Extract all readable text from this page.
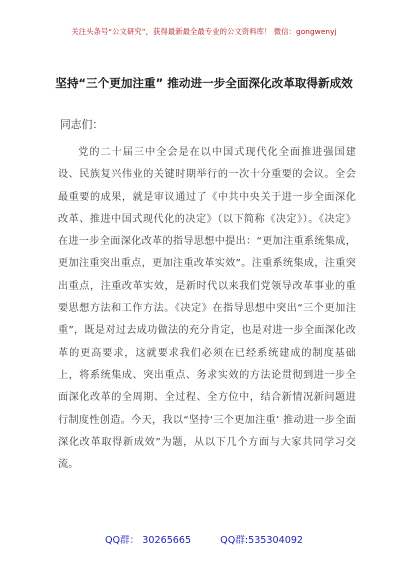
关注头条号“公文研究”，获得最新最全最专业的公文资料库！ 微信：gongwenyj
坚持“三个更加注重” 推动进一步全面深化改革取得新成效
同志们：

党的二十届三中全会是在以中国式现代化全面推进强国建设、民族复兴伟业的关键时期举行的一次十分重要的会议。全会最重要的成果，就是审议通过了《中共中央关于进一步全面深化改革、推进中国式现代化的决定》（以下简称《决定》）。《决定》在进一步全面深化改革的指导思想中提出：“更加注重系统集成，更加注重突出重点，更加注重改革实效”。注重系统集成，注重突出重点，注重改革实效，是新时代以来我们党领导改革事业的重要思想方法和工作方法。《决定》在指导思想中突出“三个更加注重”，既是对过去成功做法的充分肯定，也是对进一步全面深化改革的更高要求，这就要求我们必须在已经系统建成的制度基础上，将系统集成、突出重点、务求实效的方法论贯彻到进一步全面深化改革的全周期、全过程、全方位中，结合新情况新问题进行制度性创造。今天，我以“坚持‘三个更加注重’ 推动进一步全面深化改革取得新成效”为题，从以下几个方面与大家共同学习交流。

QQ群： 30265665	QQ群:535304092
